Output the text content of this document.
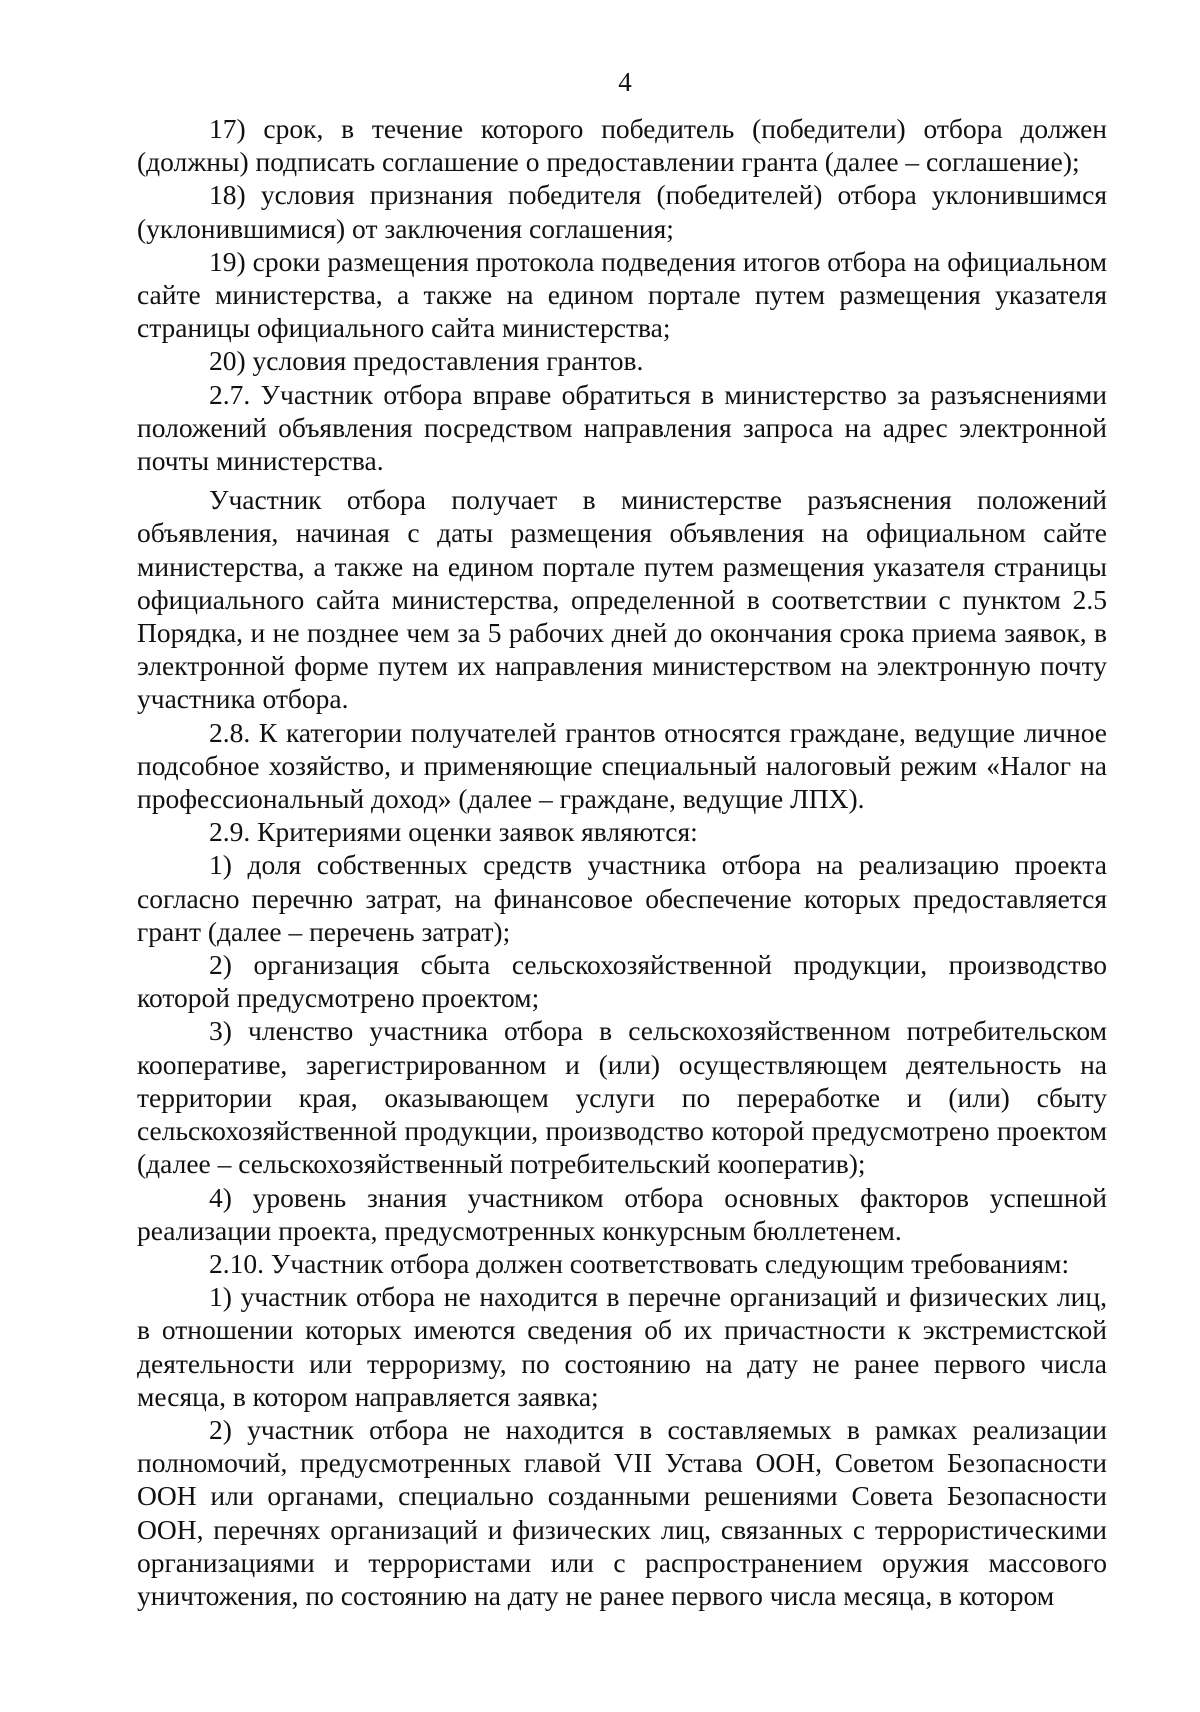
4

17) срок, в течение которого победитель (победители) отбора должен (должны) подписать соглашение о предоставлении гранта (далее – соглашение);

18) условия признания победителя (победителей) отбора уклонившимся (уклонившимися) от заключения соглашения;

19) сроки размещения протокола подведения итогов отбора на официальном сайте министерства, а также на едином портале путем размещения указателя страницы официального сайта министерства;

20) условия предоставления грантов.

2.7. Участник отбора вправе обратиться в министерство за разъяснениями положений объявления посредством направления запроса на адрес электронной почты министерства.

Участник отбора получает в министерстве разъяснения положений объявления, начиная с даты размещения объявления на официальном сайте министерства, а также на едином портале путем размещения указателя страницы официального сайта министерства, определенной в соответствии с пунктом 2.5 Порядка, и не позднее чем за 5 рабочих дней до окончания срока приема заявок, в электронной форме путем их направления министерством на электронную почту участника отбора.

2.8. К категории получателей грантов относятся граждане, ведущие личное подсобное хозяйство, и применяющие специальный налоговый режим «Налог на профессиональный доход» (далее – граждане, ведущие ЛПХ).

2.9. Критериями оценки заявок являются:

1) доля собственных средств участника отбора на реализацию проекта согласно перечню затрат, на финансовое обеспечение которых предоставляется грант (далее – перечень затрат);

2) организация сбыта сельскохозяйственной продукции, производство которой предусмотрено проектом;

3) членство участника отбора в сельскохозяйственном потребительском кооперативе, зарегистрированном и (или) осуществляющем деятельность на территории края, оказывающем услуги по переработке и (или) сбыту сельскохозяйственной продукции, производство которой предусмотрено проектом (далее – сельскохозяйственный потребительский кооператив);

4) уровень знания участником отбора основных факторов успешной реализации проекта, предусмотренных конкурсным бюллетенем.

2.10. Участник отбора должен соответствовать следующим требованиям:

1) участник отбора не находится в перечне организаций и физических лиц, в отношении которых имеются сведения об их причастности к экстремистской деятельности или терроризму, по состоянию на дату не ранее первого числа месяца, в котором направляется заявка;

2) участник отбора не находится в составляемых в рамках реализации полномочий, предусмотренных главой VII Устава ООН, Советом Безопасности ООН или органами, специально созданными решениями Совета Безопасности ООН, перечнях организаций и физических лиц, связанных с террористическими организациями и террористами или с распространением оружия массового уничтожения, по состоянию на дату не ранее первого числа месяца, в котором
